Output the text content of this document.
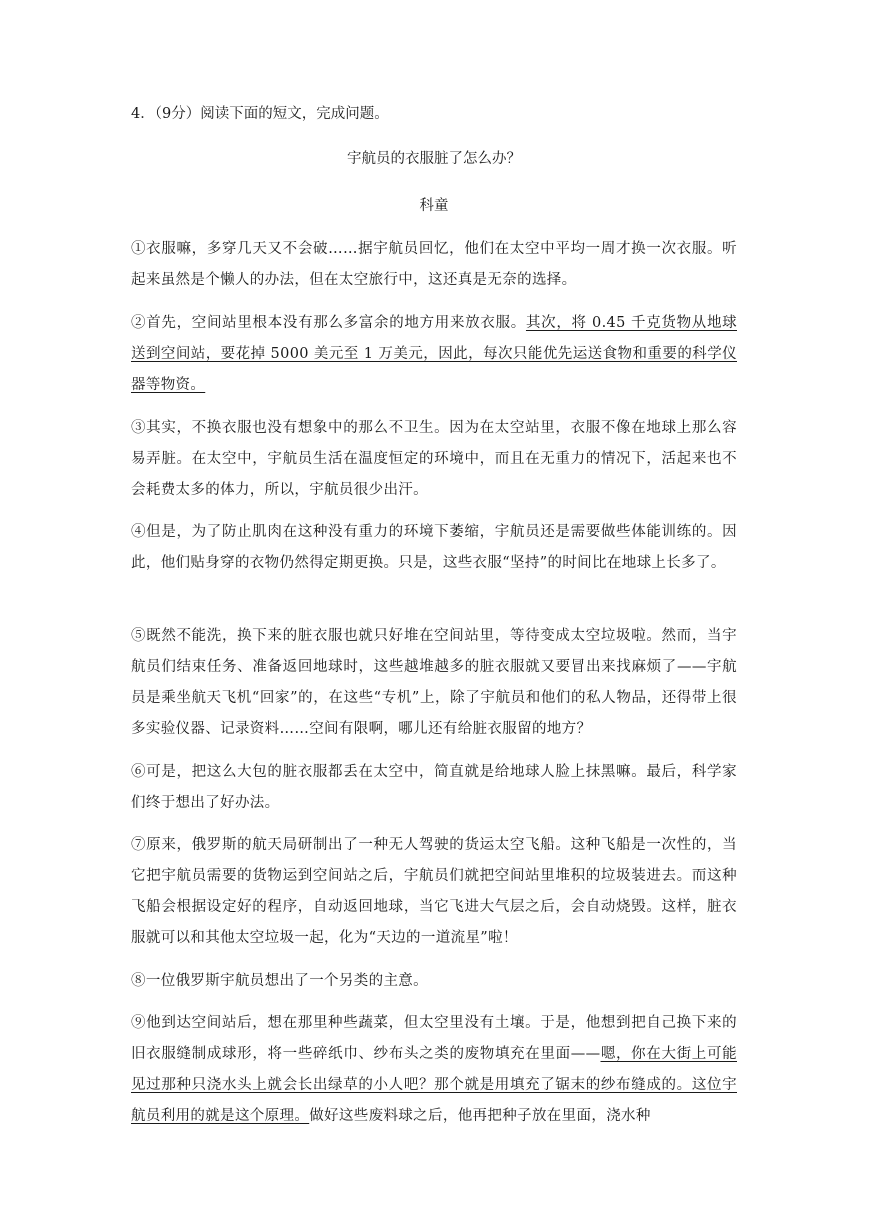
4．（9分）阅读下面的短文，完成问题。
宇航员的衣服脏了怎么办？
科童

①衣服嘛，多穿几天又不会破……据宇航员回忆，他们在太空中平均一周才换一次衣服。听起来虽然是个懒人的办法，但在太空旅行中，这还真是无奈的选择。

②首先，空间站里根本没有那么多富余的地方用来放衣服。其次，将 0.45 千克货物从地球送到空间站，要花掉 5000 美元至 1 万美元，因此，每次只能优先运送食物和重要的科学仪器等物资。

③其实，不换衣服也没有想象中的那么不卫生。因为在太空站里，衣服不像在地球上那么容易弄脏。在太空中，宇航员生活在温度恒定的环境中，而且在无重力的情况下，活起来也不会耗费太多的体力，所以，宇航员很少出汗。

④但是，为了防止肌肉在这种没有重力的环境下萎缩，宇航员还是需要做些体能训练的。因此，他们贴身穿的衣物仍然得定期更换。只是，这些衣服“坚持”的时间比在地球上长多了。

⑤既然不能洗，换下来的脏衣服也就只好堆在空间站里，等待变成太空垃圾啦。然而，当宇航员们结束任务、准备返回地球时，这些越堆越多的脏衣服就又要冒出来找麻烦了——宇航员是乘坐航天飞机“回家”的，在这些“专机”上，除了宇航员和他们的私人物品，还得带上很多实验仪器、记录资料……空间有限啊，哪儿还有给脏衣服留的地方？

⑥可是，把这么大包的脏衣服都丢在太空中，简直就是给地球人脸上抹黑嘛。最后，科学家们终于想出了好办法。

⑦原来，俄罗斯的航天局研制出了一种无人驾驶的货运太空飞船。这种飞船是一次性的，当它把宇航员需要的货物运到空间站之后，宇航员们就把空间站里堆积的垃圾装进去。而这种飞船会根据设定好的程序，自动返回地球，当它飞进大气层之后，会自动烧毁。这样，脏衣服就可以和其他太空垃圾一起，化为“天边的一道流星”啦！

⑧一位俄罗斯宇航员想出了一个另类的主意。

⑨他到达空间站后，想在那里种些蔬菜，但太空里没有土壤。于是，他想到把自己换下来的旧衣服缝制成球形，将一些碎纸巾、纱布头之类的废物填充在里面——嗯，你在大街上可能见过那种只浇水头上就会长出绿草的小人吧？那个就是用填充了锯末的纱布缝成的。这位宇航员利用的就是这个原理。做好这些废料球之后，他再把种子放在里面，浇水种
